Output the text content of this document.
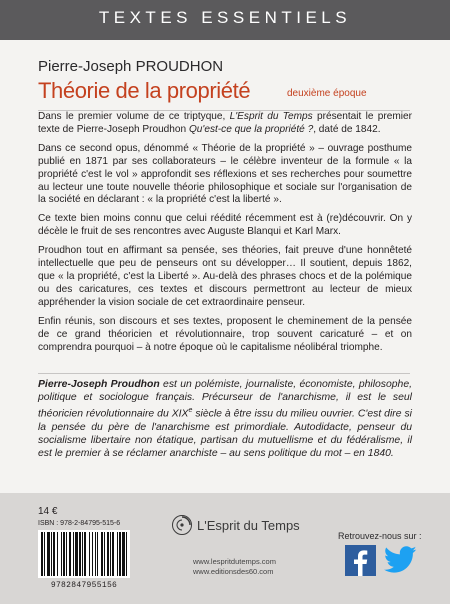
TEXTES ESSENTIELS
Pierre-Joseph PROUDHON
Théorie de la propriété	deuxième époque

Dans le premier volume de ce triptyque, L'Esprit du Temps présentait le premier texte de Pierre-Joseph Proudhon Qu'est-ce que la propriété ?, daté de 1842.

Dans ce second opus, dénommé « Théorie de la propriété » – ouvrage posthume publié en 1871 par ses collaborateurs – le célèbre inventeur de la formule « la propriété c'est le vol » approfondit ses réflexions et ses recherches pour soumettre au lecteur une toute nouvelle théorie philosophique et sociale sur l'organisation de la société en déclarant : « la propriété c'est la liberté ».

Ce texte bien moins connu que celui réédité récemment est à (re)découvrir. On y décèle le fruit de ses rencontres avec Auguste Blanqui et Karl Marx.

Proudhon tout en affirmant sa pensée, ses théories, fait preuve d'une honnêteté intellectuelle que peu de penseurs ont su développer… Il soutient, depuis 1862, que « la propriété, c'est la Liberté ». Au-delà des phrases chocs et de la polémique ou des caricatures, ces textes et discours permettront au lecteur de mieux appréhender la vision sociale de cet extraordinaire penseur.

Enfin réunis, son discours et ses textes, proposent le cheminement de la pensée de ce grand théoricien et révolutionnaire, trop souvent caricaturé – et on comprendra pourquoi – à notre époque où le capitalisme néolibéral triomphe.

Pierre-Joseph Proudhon est un polémiste, journaliste, économiste, philosophe, politique et sociologue français. Précurseur de l'anarchisme, il est le seul théoricien révolutionnaire du XIXe siècle à être issu du milieu ouvrier. C'est dire si la pensée du père de l'anarchisme est primordiale. Autodidacte, penseur du socialisme libertaire non étatique, partisan du mutuellisme et du fédéralisme, il est le premier à se réclamer anarchiste – au sens politique du mot – en 1840.
14 €
ISBN : 978-2-84795-515-6
9782847955156
L'Esprit du Temps
www.lespritdutemps.com
www.editionsdes60.com
Retrouvez-nous sur :
